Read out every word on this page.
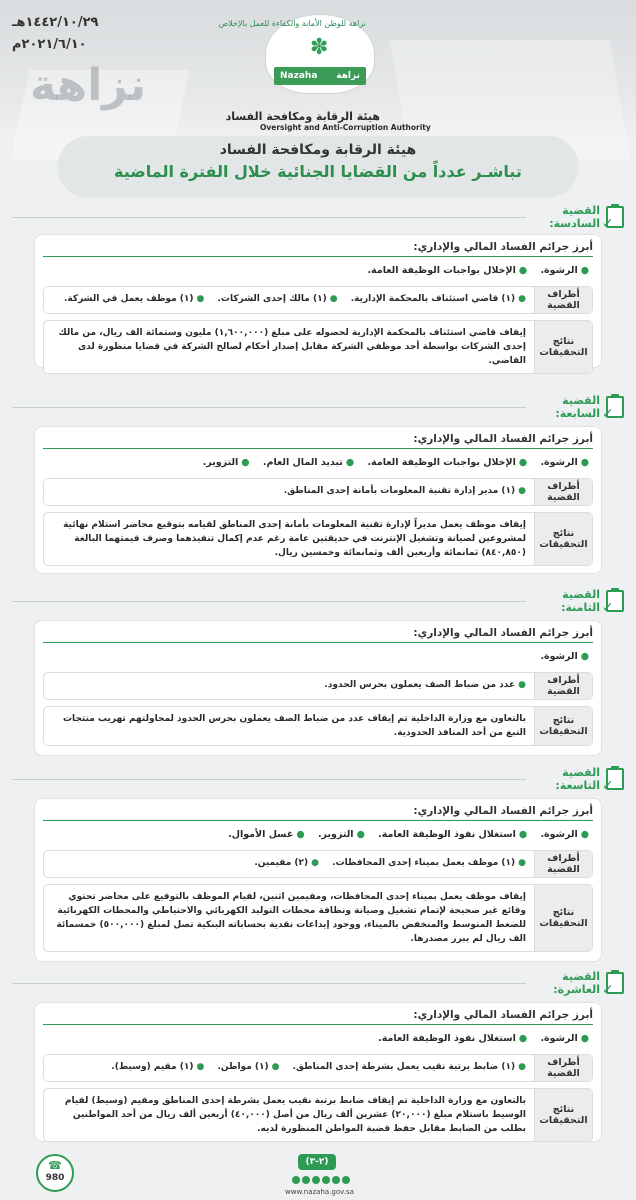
نزاهة
١٤٤٢/١٠/٢٩هـ
٢٠٢١/٦/١٠م
نزاهة للوطن الأمانة والكفاءة للعمل بالإخلاص
✽
نزاهة
Nazaha
هيئة الرقابة ومكافحة الفساد
Oversight and Anti-Corruption Authority
هيئة الرقابة ومكافحة الفساد
تباشـر عدداً من القضايا الجنائية خلال الفترة الماضية
✓
القضية السادسة:
أبرز جرائم الفساد المالي والإداري:
●الرشوة. ●الإخلال بواجبات الوظيفة العامة.
أطراف القضية
●(١) قاضي استئناف بالمحكمة الإدارية. ●(١) مالك إحدى الشركات. ●(١) موظف يعمل في الشركة.
نتائج التحقيقات
إيقاف قاضي استئناف بالمحكمة الإدارية لحصوله على مبلغ (١,٦٠٠,٠٠٠) مليون وستمائة الف ريال، من مالك إحدى الشركات بواسطة أحد موظفي الشركة مقابل إصدار أحكام لصالح الشركة في قضايا منظورة لدى القاضي.
✓
القضية السابعة:
أبرز جرائم الفساد المالي والإداري:
●الرشوة. ●الإخلال بواجبات الوظيفة العامة. ●تبديد المال العام. ●التزوير.
أطراف القضية
●(١) مدير إدارة تقنية المعلومات بأمانة إحدى المناطق.
نتائج التحقيقات
إيقاف موظف يعمل مديراً لإدارة تقنية المعلومات بأمانة إحدى المناطق لقيامه بتوقيع محاضر استلام نهائية لمشروعين لصيانة وتشغيل الإنترنت في حديقتين عامة رغم عدم إكمال تنفيذهما وصرف قيمتهما البالغة (٨٤٠,٨٥٠) ثمانمائة وأربعين ألف وثمانمائة وخمسين ريال.
✓
القضية الثامنة:
أبرز جرائم الفساد المالي والإداري:
●الرشوة.
أطراف القضية
●عدد من ضباط الصف يعملون بحرس الحدود.
نتائج التحقيقات
بالتعاون مع وزارة الداخلية تم إيقاف عدد من ضباط الصف يعملون بحرس الحدود لمحاولتهم تهريب منتجات التبغ من أحد المنافذ الحدودية.
✓
القضية التاسعة:
أبرز جرائم الفساد المالي والإداري:
●الرشوة. ●استغلال نفوذ الوظيفة العامة. ●التزوير. ●غسل الأموال.
أطراف القضية
●(١) موظف يعمل بميناء إحدى المحافظات. ●(٢) مقيمين.
نتائج التحقيقات
إيقاف موظف يعمل بميناء إحدى المحافظات، ومقيمين اثنين، لقيام الموظف بالتوقيع على محاضر تحتوي وقائع غير صحيحة لإتمام تشغيل وصيانة ونظافة محطات التوليد الكهربائي والاحتياطي والمحطات الكهربائية للضغط المتوسط والمنخفض بالميناء، ووجود إيداعات نقدية بحساباته البنكية تصل لمبلغ (٥٠٠,٠٠٠) خمسمائة الف ريال لم يبرر مصدرها.
✓
القضية العاشرة:
أبرز جرائم الفساد المالي والإداري:
●الرشوة. ●استغلال نفوذ الوظيفة العامة.
أطراف القضية
●(١) ضابط برتبة نقيب يعمل بشرطة إحدى المناطق. ●(١) مواطن. ●(١) مقيم (وسيط).
نتائج التحقيقات
بالتعاون مع وزارة الداخلية تم إيقاف ضابط برتبة نقيب يعمل بشرطة إحدى المناطق ومقيم (وسيط) لقيام الوسيط باستلام مبلغ (٢٠,٠٠٠) عشرين ألف ريال من أصل (٤٠,٠٠٠) أربعين ألف ريال من أحد المواطنين بطلب من الضابط مقابل حفظ قضية المواطن المنظورة لديه.
(٢-٣)
www.nazaha.gov.sa
☎
980
